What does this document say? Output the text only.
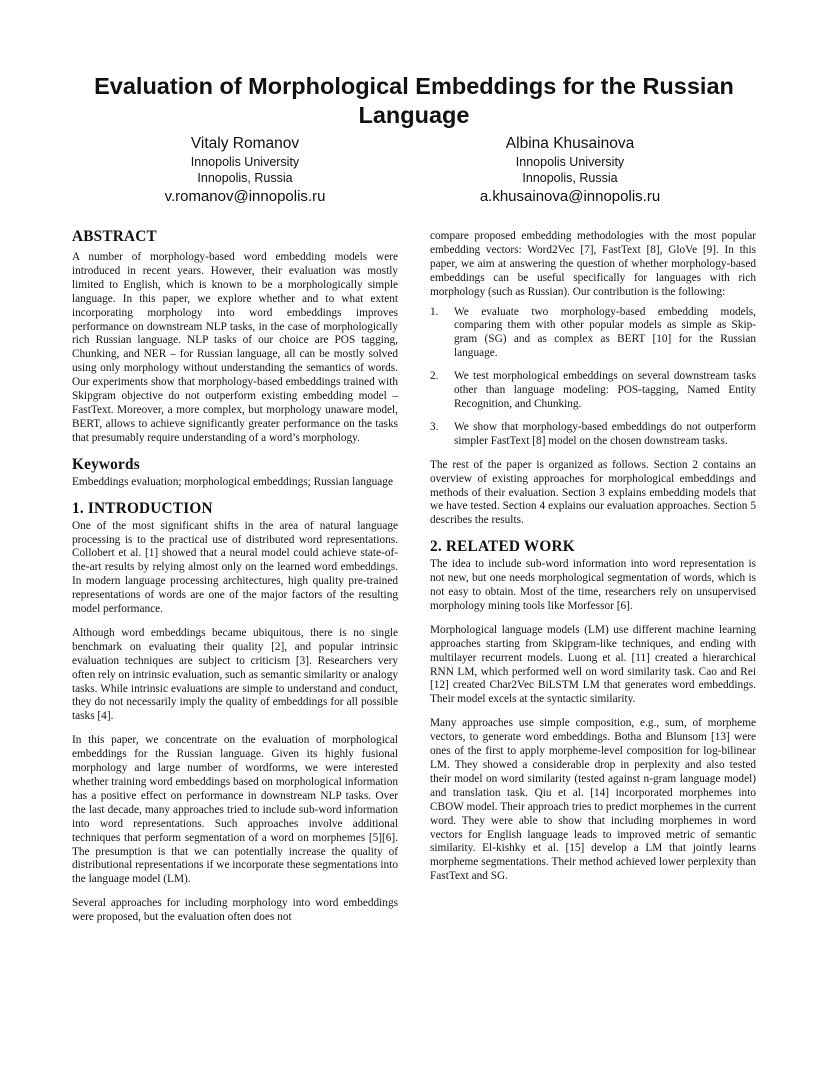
Evaluation of Morphological Embeddings for the Russian Language
Vitaly Romanov
Innopolis University
Innopolis, Russia
v.romanov@innopolis.ru
Albina Khusainova
Innopolis University
Innopolis, Russia
a.khusainova@innopolis.ru
ABSTRACT

A number of morphology-based word embedding models were introduced in recent years. However, their evaluation was mostly limited to English, which is known to be a morphologically simple language. In this paper, we explore whether and to what extent incorporating morphology into word embeddings improves performance on downstream NLP tasks, in the case of morphologically rich Russian language. NLP tasks of our choice are POS tagging, Chunking, and NER – for Russian language, all can be mostly solved using only morphology without understanding the semantics of words. Our experiments show that morphology-based embeddings trained with Skipgram objective do not outperform existing embedding model – FastText. Moreover, a more complex, but morphology unaware model, BERT, allows to achieve significantly greater performance on the tasks that presumably require understanding of a word’s morphology.

Keywords

Embeddings evaluation; morphological embeddings; Russian language

1. INTRODUCTION

One of the most significant shifts in the area of natural language processing is to the practical use of distributed word representations. Collobert et al. [1] showed that a neural model could achieve state-of-the-art results by relying almost only on the learned word embeddings. In modern language processing architectures, high quality pre-trained representations of words are one of the major factors of the resulting model performance.

Although word embeddings became ubiquitous, there is no single benchmark on evaluating their quality [2], and popular intrinsic evaluation techniques are subject to criticism [3]. Researchers very often rely on intrinsic evaluation, such as semantic similarity or analogy tasks. While intrinsic evaluations are simple to understand and conduct, they do not necessarily imply the quality of embeddings for all possible tasks [4].

In this paper, we concentrate on the evaluation of morphological embeddings for the Russian language. Given its highly fusional morphology and large number of wordforms, we were interested whether training word embeddings based on morphological information has a positive effect on performance in downstream NLP tasks. Over the last decade, many approaches tried to include sub-word information into word representations. Such approaches involve additional techniques that perform segmentation of a word on morphemes [5][6]. The presumption is that we can potentially increase the quality of distributional representations if we incorporate these segmentations into the language model (LM).

Several approaches for including morphology into word embeddings were proposed, but the evaluation often does not

compare proposed embedding methodologies with the most popular embedding vectors: Word2Vec [7], FastText [8], GloVe [9]. In this paper, we aim at answering the question of whether morphology-based embeddings can be useful specifically for languages with rich morphology (such as Russian). Our contribution is the following:

1. We evaluate two morphology-based embedding models, comparing them with other popular models as simple as Skip-gram (SG) and as complex as BERT [10] for the Russian language.
2. We test morphological embeddings on several downstream tasks other than language modeling: POS-tagging, Named Entity Recognition, and Chunking.
3. We show that morphology-based embeddings do not outperform simpler FastText [8] model on the chosen downstream tasks.

The rest of the paper is organized as follows. Section 2 contains an overview of existing approaches for morphological embeddings and methods of their evaluation. Section 3 explains embedding models that we have tested. Section 4 explains our evaluation approaches. Section 5 describes the results.

2. RELATED WORK

The idea to include sub-word information into word representation is not new, but one needs morphological segmentation of words, which is not easy to obtain. Most of the time, researchers rely on unsupervised morphology mining tools like Morfessor [6].

Morphological language models (LM) use different machine learning approaches starting from Skipgram-like techniques, and ending with multilayer recurrent models. Luong et al. [11] created a hierarchical RNN LM, which performed well on word similarity task. Cao and Rei [12] created Char2Vec BiLSTM LM that generates word embeddings. Their model excels at the syntactic similarity.

Many approaches use simple composition, e.g., sum, of morpheme vectors, to generate word embeddings. Botha and Blunsom [13] were ones of the first to apply morpheme-level composition for log-bilinear LM. They showed a considerable drop in perplexity and also tested their model on word similarity (tested against n-gram language model) and translation task. Qiu et al. [14] incorporated morphemes into CBOW model. Their approach tries to predict morphemes in the current word. They were able to show that including morphemes in word vectors for English language leads to improved metric of semantic similarity. El-kishky et al. [15] develop a LM that jointly learns morpheme segmentations. Their method achieved lower perplexity than FastText and SG.
